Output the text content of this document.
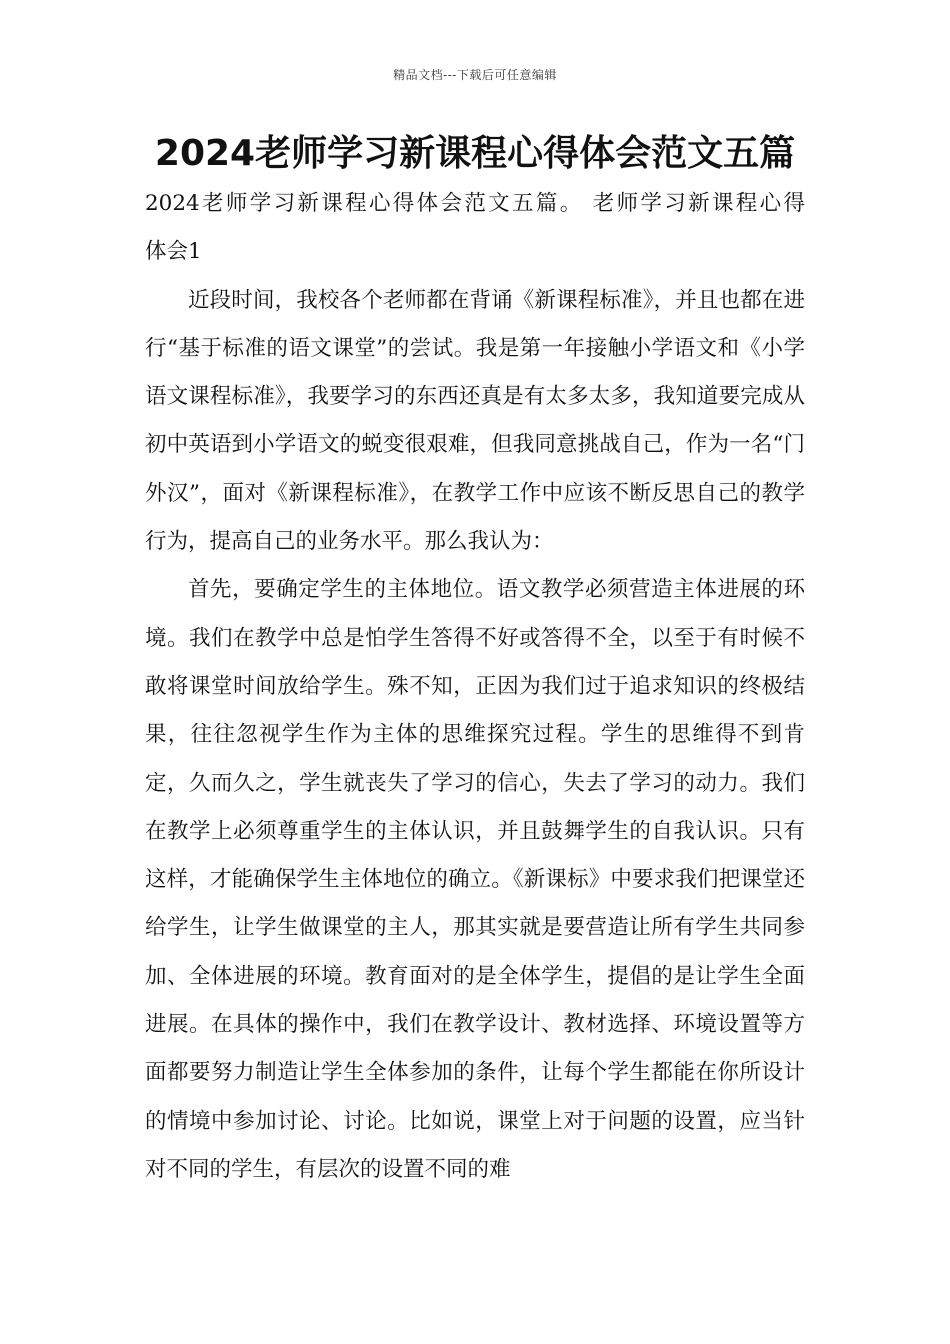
精品文档---下载后可任意编辑
2024老师学习新课程心得体会范文五篇

2024老师学习新课程心得体会范文五篇。 老师学习新课程心得

体会1

近段时间，我校各个老师都在背诵《新课程标准》，并且也都在进行“基于标准的语文课堂”的尝试。我是第一年接触小学语文和《小学语文课程标准》，我要学习的东西还真是有太多太多，我知道要完成从初中英语到小学语文的蜕变很艰难，但我同意挑战自己，作为一名“门外汉”，面对《新课程标准》，在教学工作中应该不断反思自己的教学行为，提高自己的业务水平。那么我认为：

首先，要确定学生的主体地位。语文教学必须营造主体进展的环境。我们在教学中总是怕学生答得不好或答得不全，以至于有时候不敢将课堂时间放给学生。殊不知，正因为我们过于追求知识的终极结果，往往忽视学生作为主体的思维探究过程。学生的思维得不到肯定，久而久之，学生就丧失了学习的信心，失去了学习的动力。我们在教学上必须尊重学生的主体认识，并且鼓舞学生的自我认识。只有这样，才能确保学生主体地位的确立。《新课标》中要求我们把课堂还给学生，让学生做课堂的主人，那其实就是要营造让所有学生共同参加、全体进展的环境。教育面对的是全体学生，提倡的是让学生全面进展。在具体的操作中，我们在教学设计、教材选择、环境设置等方面都要努力制造让学生全体参加的条件，让每个学生都能在你所设计的情境中参加讨论、讨论。比如说，课堂上对于问题的设置，应当针对不同的学生，有层次的设置不同的难
